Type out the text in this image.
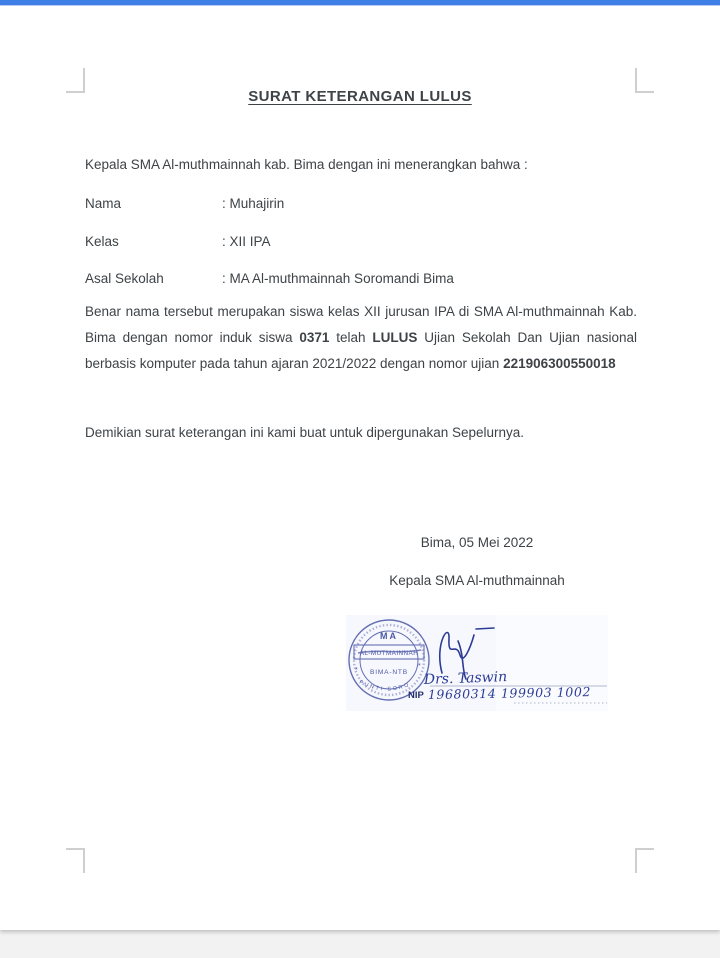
SURAT KETERANGAN LULUS
Kepala SMA Al-muthmainnah kab. Bima dengan ini menerangkan bahwa :
Nama	: Muhajirin
Kelas	: XII IPA
Asal Sekolah	: MA Al-muthmainnah Soromandi Bima

Benar nama tersebut merupakan siswa kelas XII jurusan IPA di SMA Al-muthmainnah Kab. Bima dengan nomor induk siswa 0371 telah LULUS Ujian Sekolah Dan Ujian nasional berbasis komputer pada tahun ajaran 2021/2022 dengan nomor ujian 221906300550018

Demikian surat keterangan ini kami buat untuk dipergunakan Sepelurnya.
Bima, 05 Mei 2022
Kepala SMA Al-muthmainnah
MA
AL-MUTMAINNAH
BIMA-NTB
*
*
PUNTI SORO Drs. Taswin
NIP 19680314 199903 1002
